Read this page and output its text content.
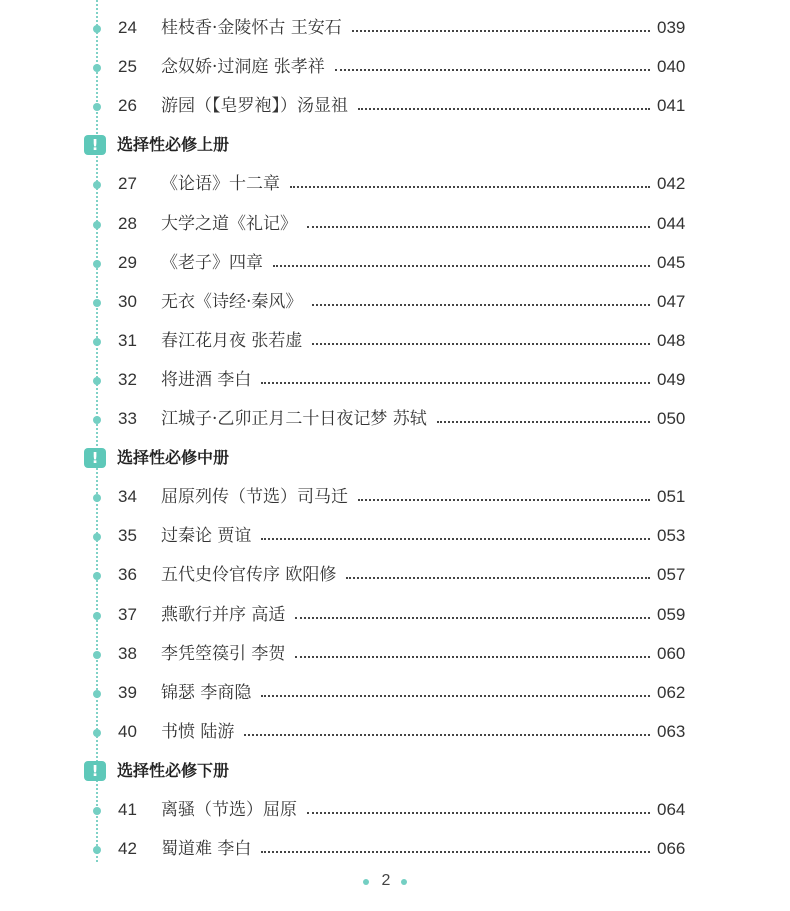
24 桂枝香·金陵怀古 王安石	039
25 念奴娇·过洞庭 张孝祥	040
26 游园（【皂罗袍】）汤显祖	041
!	选择性必修上册
27 《论语》十二章	042
28 大学之道《礼记》	044
29 《老子》四章	045
30 无衣《诗经·秦风》	047
31 春江花月夜 张若虚	048
32 将进酒 李白	049
33 江城子·乙卯正月二十日夜记梦 苏轼	050
!	选择性必修中册
34 屈原列传（节选）司马迁	051
35 过秦论 贾谊	053
36 五代史伶官传序 欧阳修	057
37 燕歌行并序 高适	059
38 李凭箜篌引 李贺	060
39 锦瑟 李商隐	062
40 书愤 陆游	063
!	选择性必修下册
41 离骚（节选）屈原	064
42 蜀道难 李白	066
2
